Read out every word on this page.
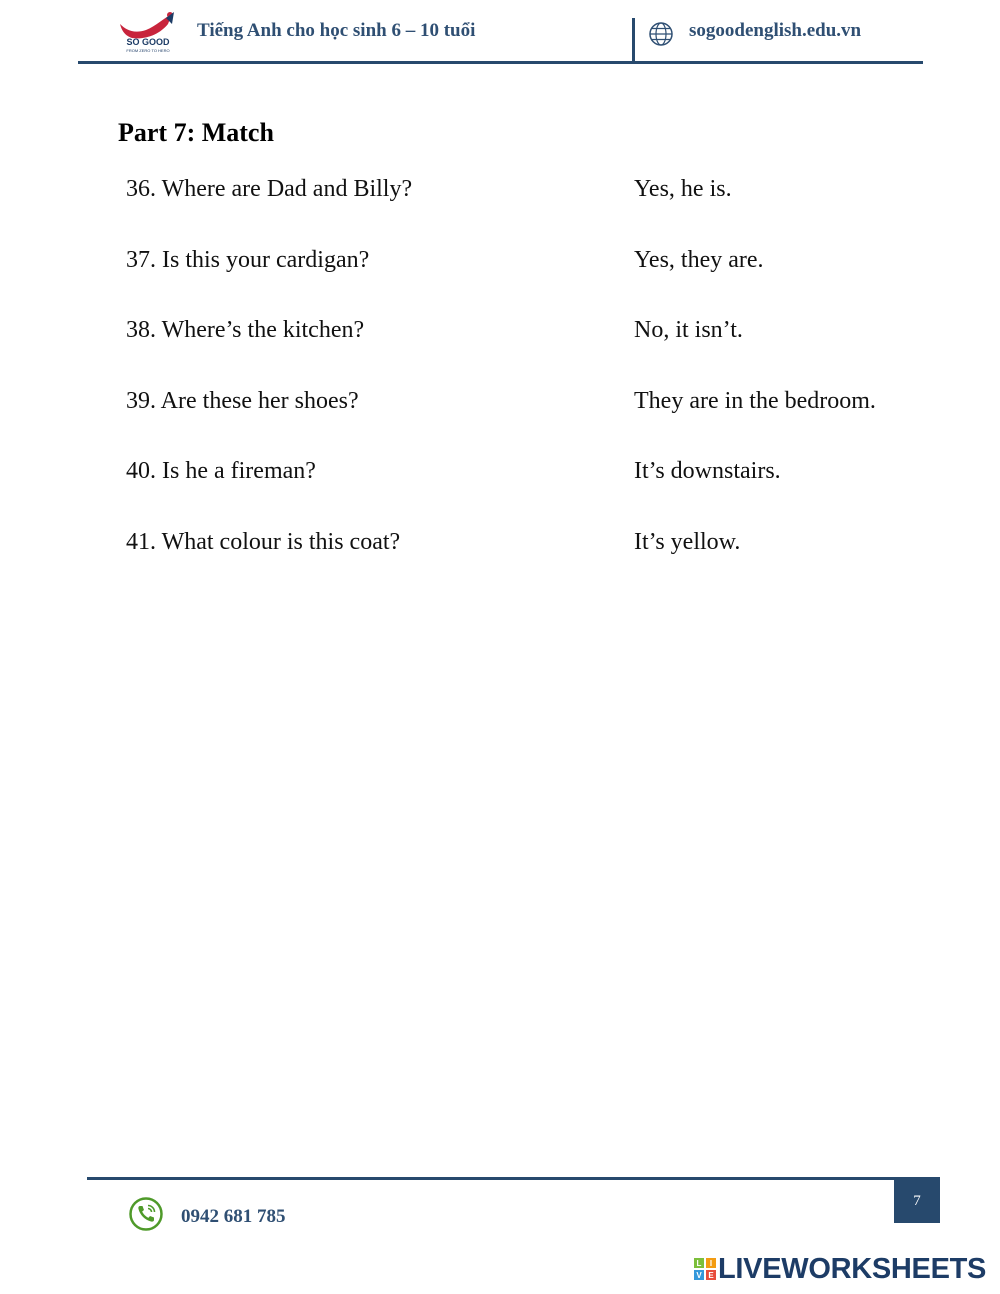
SO GOOD
FROM ZERO TO HERO
Tiếng Anh cho học sinh 6 – 10 tuổi	sogoodenglish.edu.vn
Part 7: Match
36. Where are Dad and Billy?
37. Is this your cardigan?
38. Where’s the kitchen?
39. Are these her shoes?
40. Is he a fireman?
41. What colour is this coat?
Yes, he is.
Yes, they are.
No, it isn’t.
They are in the bedroom.
It’s downstairs.
It’s yellow.
7
0942 681 785
L I
V E LIVEWORKSHEETS
